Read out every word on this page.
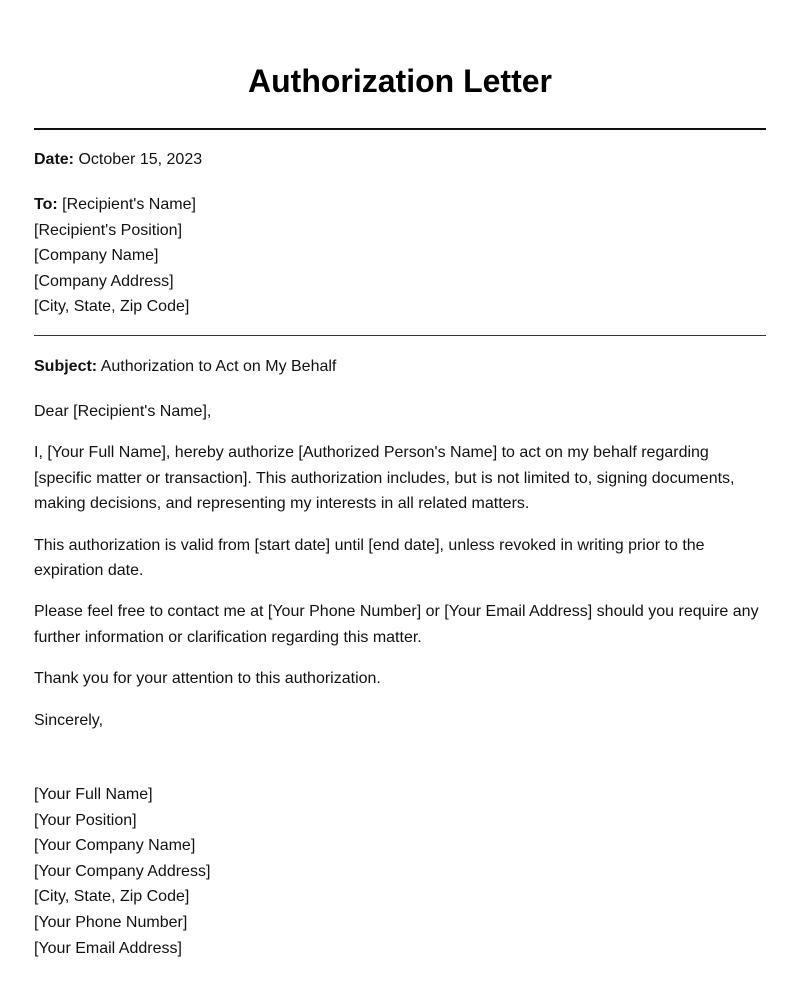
Authorization Letter
Date: October 15, 2023
To: [Recipient's Name]
[Recipient's Position]
[Company Name]
[Company Address]
[City, State, Zip Code]
Subject: Authorization to Act on My Behalf

Dear [Recipient's Name],

I, [Your Full Name], hereby authorize [Authorized Person's Name] to act on my behalf regarding [specific matter or transaction]. This authorization includes, but is not limited to, signing documents, making decisions, and representing my interests in all related matters.

This authorization is valid from [start date] until [end date], unless revoked in writing prior to the expiration date.

Please feel free to contact me at [Your Phone Number] or [Your Email Address] should you require any further information or clarification regarding this matter.

Thank you for your attention to this authorization.

Sincerely,

[Your Full Name]
[Your Position]
[Your Company Name]
[Your Company Address]
[City, State, Zip Code]
[Your Phone Number]
[Your Email Address]
